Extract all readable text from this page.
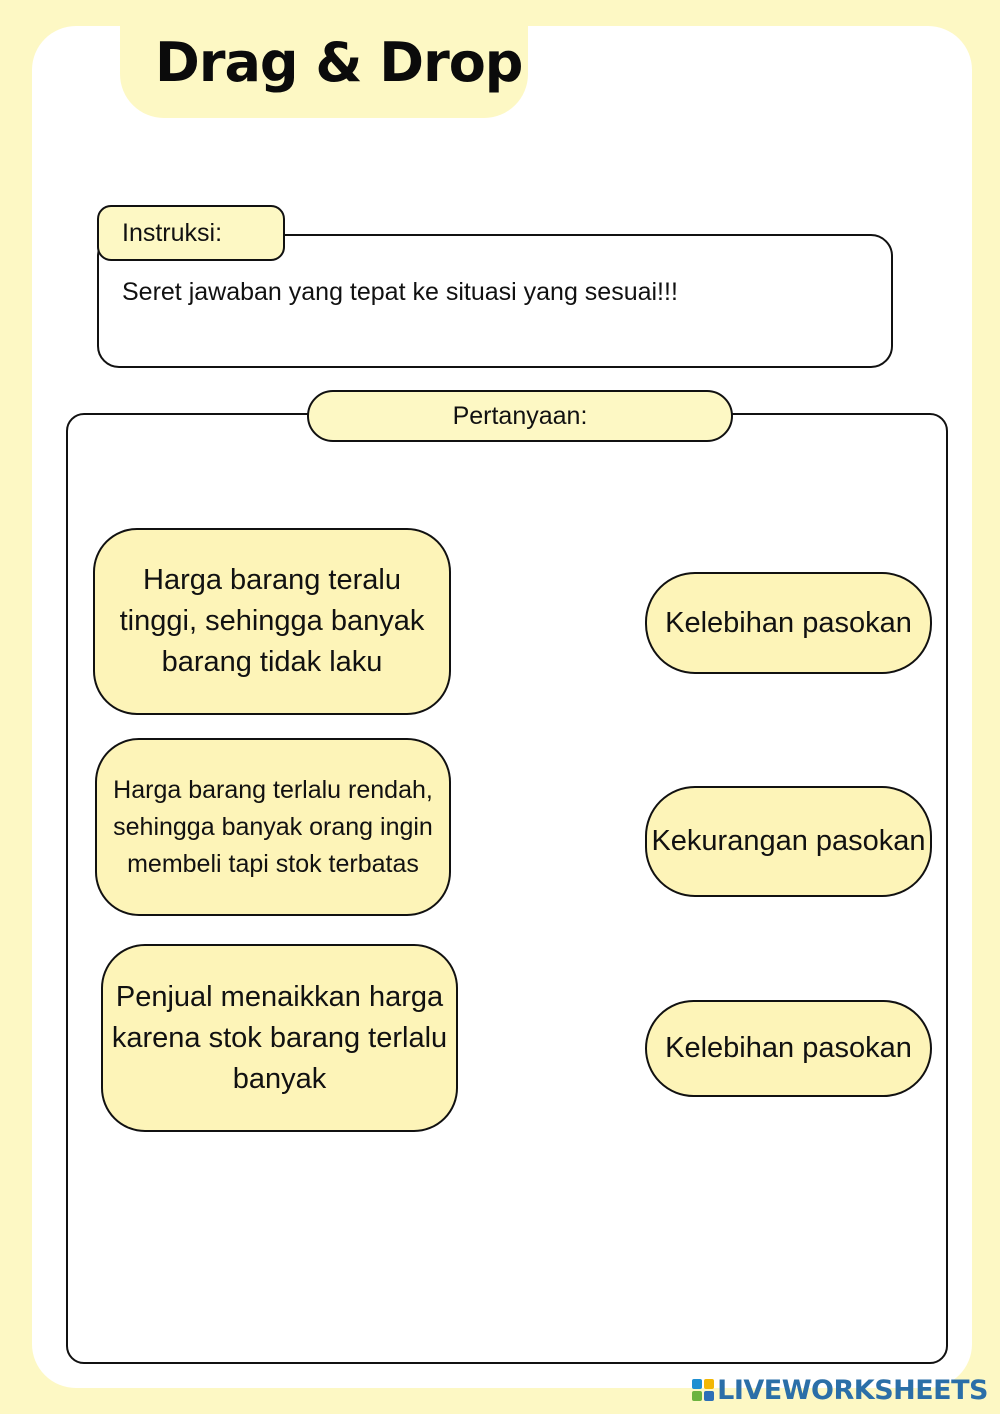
Drag & Drop
Instruksi:
Seret jawaban yang tepat ke situasi yang sesuai!!!
Pertanyaan:
Harga barang teralu tinggi, sehingga banyak barang tidak laku
Harga barang terlalu rendah, sehingga banyak orang ingin membeli tapi stok terbatas
Penjual menaikkan harga karena stok barang terlalu banyak
Kelebihan pasokan
Kekurangan pasokan
Kelebihan pasokan
LIVEWORKSHEETS
